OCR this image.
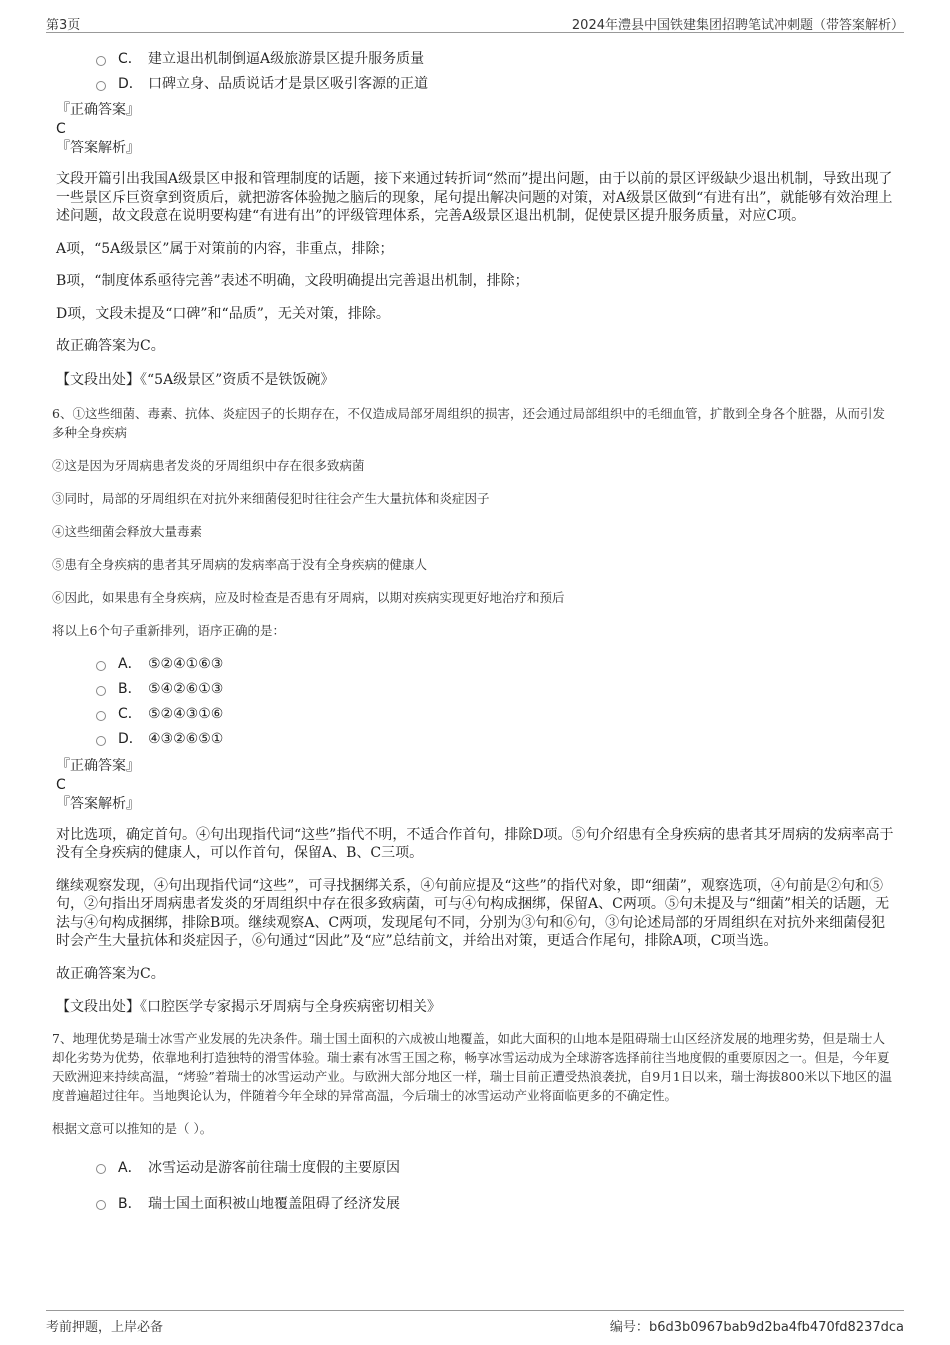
第3页	2024年澧县中国铁建集团招聘笔试冲刺题（带答案解析）
C． 建立退出机制倒逼A级旅游景区提升服务质量
D． 口碑立身、品质说话才是景区吸引客源的正道
『正确答案』
C
『答案解析』

文段开篇引出我国A级景区申报和管理制度的话题，接下来通过转折词“然而”提出问题，由于以前的景区评级缺少退出机制，导致出现了一些景区斥巨资拿到资质后，就把游客体验抛之脑后的现象，尾句提出解决问题的对策，对A级景区做到“有进有出”，就能够有效治理上述问题，故文段意在说明要构建“有进有出”的评级管理体系，完善A级景区退出机制，促使景区提升服务质量，对应C项。

A项，“5A级景区”属于对策前的内容，非重点，排除；

B项，“制度体系亟待完善”表述不明确，文段明确提出完善退出机制，排除；

D项，文段未提及“口碑”和“品质”，无关对策，排除。

故正确答案为C。

【文段出处】《“5A级景区”资质不是铁饭碗》

6、①这些细菌、毒素、抗体、炎症因子的长期存在，不仅造成局部牙周组织的损害，还会通过局部组织中的毛细血管，扩散到全身各个脏器，从而引发多种全身疾病

②这是因为牙周病患者发炎的牙周组织中存在很多致病菌

③同时，局部的牙周组织在对抗外来细菌侵犯时往往会产生大量抗体和炎症因子

④这些细菌会释放大量毒素

⑤患有全身疾病的患者其牙周病的发病率高于没有全身疾病的健康人

⑥因此，如果患有全身疾病，应及时检查是否患有牙周病，以期对疾病实现更好地治疗和预后

将以上6个句子重新排列，语序正确的是：

A． ⑤②④①⑥③
B． ⑤④②⑥①③
C． ⑤②④③①⑥
D． ④③②⑥⑤①
『正确答案』
C
『答案解析』

对比选项，确定首句。④句出现指代词“这些”指代不明，不适合作首句，排除D项。⑤句介绍患有全身疾病的患者其牙周病的发病率高于没有全身疾病的健康人，可以作首句，保留A、B、C三项。

继续观察发现，④句出现指代词“这些”，可寻找捆绑关系，④句前应提及“这些”的指代对象，即“细菌”，观察选项，④句前是②句和⑤句，②句指出牙周病患者发炎的牙周组织中存在很多致病菌，可与④句构成捆绑，保留A、C两项。⑤句未提及与“细菌”相关的话题，无法与④句构成捆绑，排除B项。继续观察A、C两项，发现尾句不同，分别为③句和⑥句，③句论述局部的牙周组织在对抗外来细菌侵犯时会产生大量抗体和炎症因子，⑥句通过“因此”及“应”总结前文，并给出对策，更适合作尾句，排除A项，C项当选。

故正确答案为C。

【文段出处】《口腔医学专家揭示牙周病与全身疾病密切相关》

7、地理优势是瑞士冰雪产业发展的先决条件。瑞士国土面积的六成被山地覆盖，如此大面积的山地本是阻碍瑞士山区经济发展的地理劣势，但是瑞士人却化劣势为优势，依靠地利打造独特的滑雪体验。瑞士素有冰雪王国之称，畅享冰雪运动成为全球游客选择前往当地度假的重要原因之一。但是，今年夏天欧洲迎来持续高温，“烤验”着瑞士的冰雪运动产业。与欧洲大部分地区一样，瑞士目前正遭受热浪袭扰，自9月1日以来，瑞士海拔800米以下地区的温度普遍超过往年。当地舆论认为，伴随着今年全球的异常高温，今后瑞士的冰雪运动产业将面临更多的不确定性。

根据文意可以推知的是（ ）。

A． 冰雪运动是游客前往瑞士度假的主要原因
B． 瑞士国土面积被山地覆盖阻碍了经济发展
考前押题，上岸必备	编号：b6d3b0967bab9d2ba4fb470fd8237dca
